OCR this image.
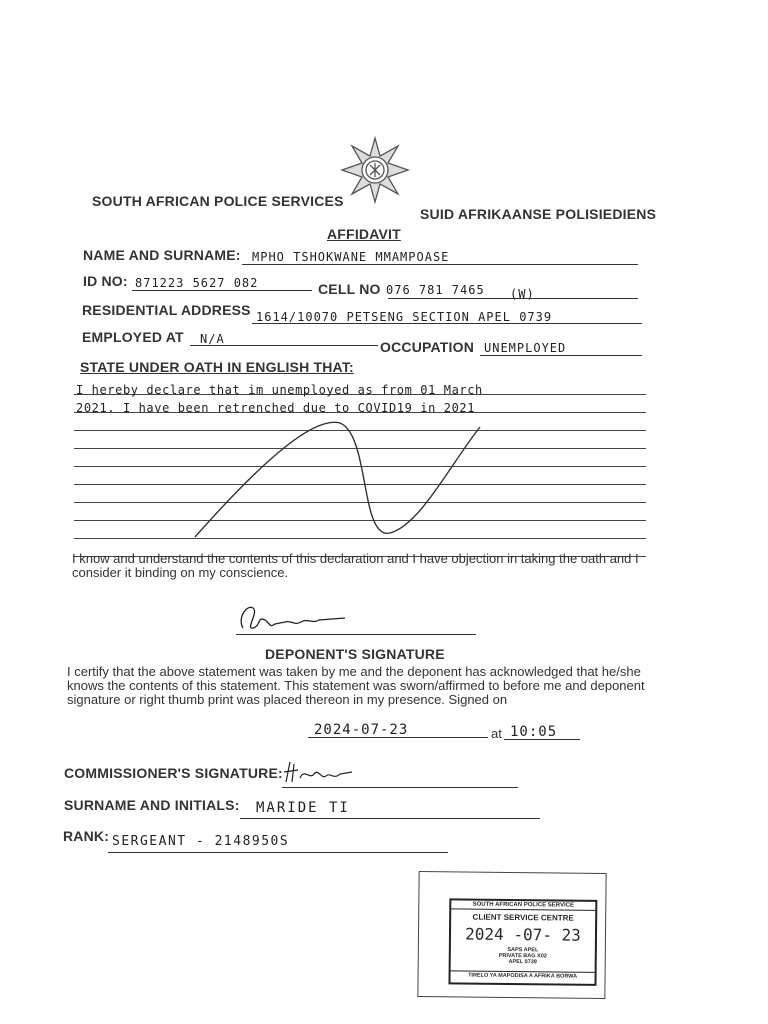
SOUTH AFRICAN POLICE SERVICES
SUID AFRIKAANSE POLISIEDIENS
AFFIDAVIT
NAME AND SURNAME: MPHO TSHOKWANE MMAMPOASE
ID NO: 871223 5627 082	CELL NO 076 781 7465 (W)
RESIDENTIAL ADDRESS 1614/10070 PETSENG SECTION APEL 0739
EMPLOYED AT N/A	OCCUPATION UNEMPLOYED
STATE UNDER OATH IN ENGLISH THAT:
I hereby declare that im unemployed as from 01 March
2021. I have been retrenched due to COVID19 in 2021
I know and understand the contents of this declaration and I have objection in taking the oath and I consider it binding on my conscience.
DEPONENT'S SIGNATURE
I certify that the above statement was taken by me and the deponent has acknowledged that he/she knows the contents of this statement. This statement was sworn/affirmed to before me and deponent signature or right thumb print was placed thereon in my presence. Signed on
2024-07-23	at 10:05
COMMISSIONER'S SIGNATURE:
SURNAME AND INITIALS: MARIDE TI
RANK: SERGEANT - 2148950S
SOUTH AFRICAN POLICE SERVICE
CLIENT SERVICE CENTRE
2024 -07- 23
SAPS APEL
PRIVATE BAG X02
APEL 0739
TIRELO YA MAPODISA A AFRIKA BORWA
